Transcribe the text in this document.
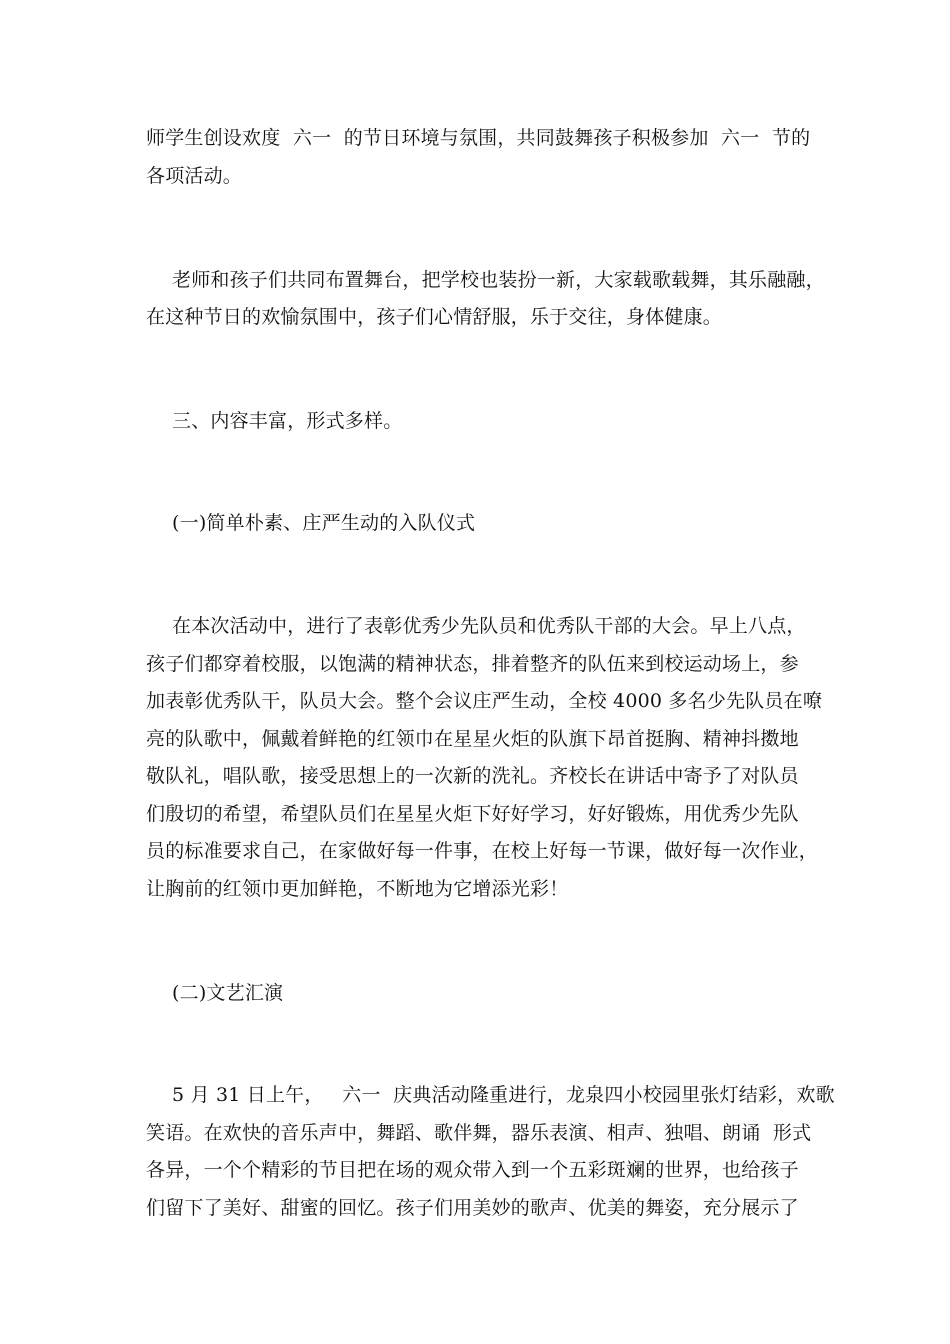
师学生创设欢度  六一  的节日环境与氛围，共同鼓舞孩子积极参加  六一  节的
各项活动。
老师和孩子们共同布置舞台，把学校也装扮一新，大家载歌载舞，其乐融融，
在这种节日的欢愉氛围中，孩子们心情舒服，乐于交往，身体健康。
三、内容丰富，形式多样。
(一)简单朴素、庄严生动的入队仪式
在本次活动中，进行了表彰优秀少先队员和优秀队干部的大会。早上八点，
孩子们都穿着校服，以饱满的精神状态，排着整齐的队伍来到校运动场上，参
加表彰优秀队干，队员大会。整个会议庄严生动，全校 4000 多名少先队员在嘹
亮的队歌中，佩戴着鲜艳的红领巾在星星火炬的队旗下昂首挺胸、精神抖擞地
敬队礼，唱队歌，接受思想上的一次新的洗礼。齐校长在讲话中寄予了对队员
们殷切的希望，希望队员们在星星火炬下好好学习，好好锻炼，用优秀少先队
员的标准要求自己，在家做好每一件事，在校上好每一节课，做好每一次作业，
让胸前的红领巾更加鲜艳，不断地为它增添光彩！
(二)文艺汇演
5 月 31 日上午，   六一  庆典活动隆重进行，龙泉四小校园里张灯结彩，欢歌
笑语。在欢快的音乐声中，舞蹈、歌伴舞，器乐表演、相声、独唱、朗诵  形式
各异，一个个精彩的节目把在场的观众带入到一个五彩斑斓的世界，也给孩子
们留下了美好、甜蜜的回忆。孩子们用美妙的歌声、优美的舞姿，充分展示了
